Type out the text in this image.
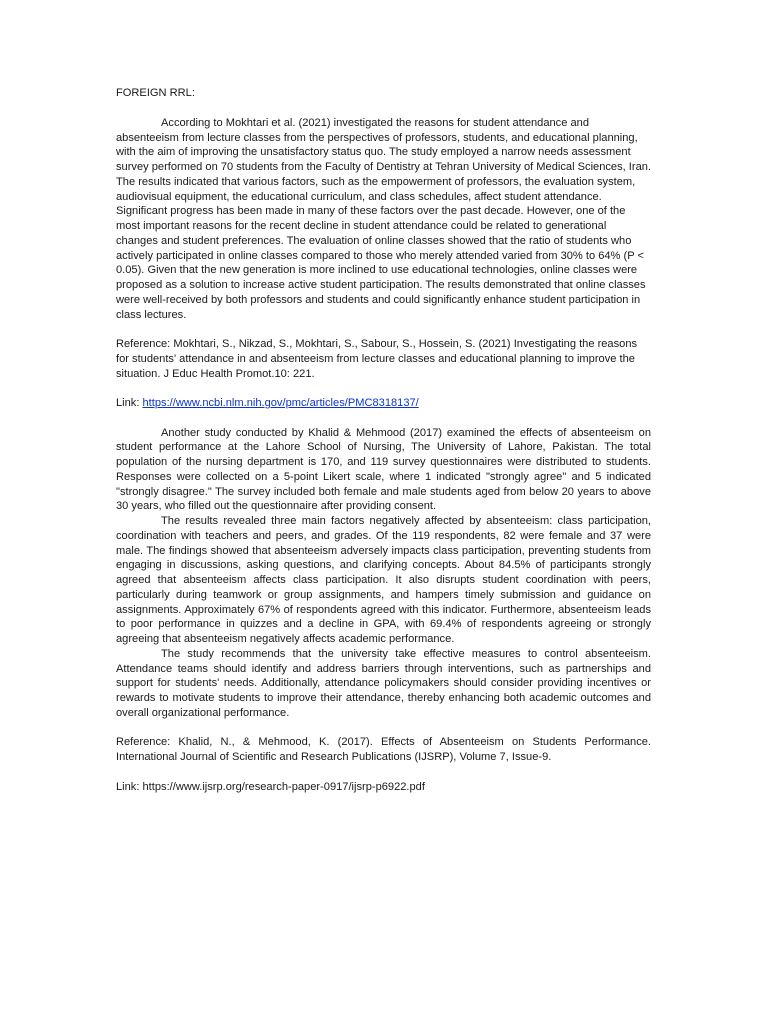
FOREIGN RRL:

According to Mokhtari et al. (2021) investigated the reasons for student attendance and absenteeism from lecture classes from the perspectives of professors, students, and educational planning, with the aim of improving the unsatisfactory status quo. The study employed a narrow needs assessment survey performed on 70 students from the Faculty of Dentistry at Tehran University of Medical Sciences, Iran. The results indicated that various factors, such as the empowerment of professors, the evaluation system, audiovisual equipment, the educational curriculum, and class schedules, affect student attendance. Significant progress has been made in many of these factors over the past decade. However, one of the most important reasons for the recent decline in student attendance could be related to generational changes and student preferences. The evaluation of online classes showed that the ratio of students who actively participated in online classes compared to those who merely attended varied from 30% to 64% (P < 0.05). Given that the new generation is more inclined to use educational technologies, online classes were proposed as a solution to increase active student participation. The results demonstrated that online classes were well-received by both professors and students and could significantly enhance student participation in class lectures.

Reference: Mokhtari, S., Nikzad, S., Mokhtari, S., Sabour, S., Hossein, S. (2021) Investigating the reasons for students' attendance in and absenteeism from lecture classes and educational planning to improve the situation. J Educ Health Promot.10: 221.

Link: https://www.ncbi.nlm.nih.gov/pmc/articles/PMC8318137/

Another study conducted by Khalid & Mehmood (2017) examined the effects of absenteeism on student performance at the Lahore School of Nursing, The University of Lahore, Pakistan. The total population of the nursing department is 170, and 119 survey questionnaires were distributed to students. Responses were collected on a 5-point Likert scale, where 1 indicated "strongly agree" and 5 indicated "strongly disagree." The survey included both female and male students aged from below 20 years to above 30 years, who filled out the questionnaire after providing consent.

The results revealed three main factors negatively affected by absenteeism: class participation, coordination with teachers and peers, and grades. Of the 119 respondents, 82 were female and 37 were male. The findings showed that absenteeism adversely impacts class participation, preventing students from engaging in discussions, asking questions, and clarifying concepts. About 84.5% of participants strongly agreed that absenteeism affects class participation. It also disrupts student coordination with peers, particularly during teamwork or group assignments, and hampers timely submission and guidance on assignments. Approximately 67% of respondents agreed with this indicator. Furthermore, absenteeism leads to poor performance in quizzes and a decline in GPA, with 69.4% of respondents agreeing or strongly agreeing that absenteeism negatively affects academic performance.

The study recommends that the university take effective measures to control absenteeism. Attendance teams should identify and address barriers through interventions, such as partnerships and support for students' needs. Additionally, attendance policymakers should consider providing incentives or rewards to motivate students to improve their attendance, thereby enhancing both academic outcomes and overall organizational performance.

Reference: Khalid, N., & Mehmood, K. (2017). Effects of Absenteeism on Students Performance. International Journal of Scientific and Research Publications (IJSRP), Volume 7, Issue-9.

Link: https://www.ijsrp.org/research-paper-0917/ijsrp-p6922.pdf
